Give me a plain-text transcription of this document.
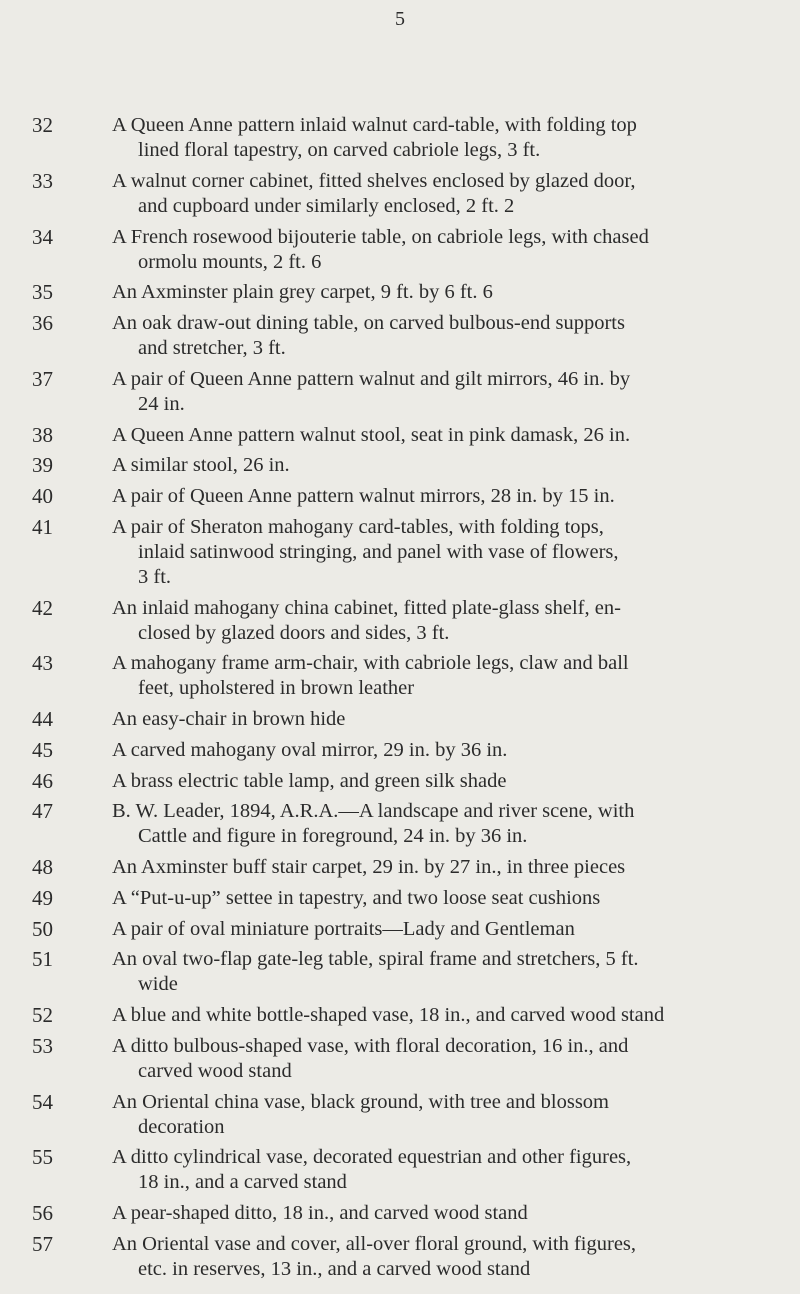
5
32	A Queen Anne pattern inlaid walnut card-table, with folding top
lined floral tapestry, on carved cabriole legs, 3 ft.
33	A walnut corner cabinet, fitted shelves enclosed by glazed door,
and cupboard under similarly enclosed, 2 ft. 2
34	A French rosewood bijouterie table, on cabriole legs, with chased
ormolu mounts, 2 ft. 6
35	An Axminster plain grey carpet, 9 ft. by 6 ft. 6
36	An oak draw-out dining table, on carved bulbous-end supports
and stretcher, 3 ft.
37	A pair of Queen Anne pattern walnut and gilt mirrors, 46 in. by
24 in.
38	A Queen Anne pattern walnut stool, seat in pink damask, 26 in.
39	A similar stool, 26 in.
40	A pair of Queen Anne pattern walnut mirrors, 28 in. by 15 in.
41	A pair of Sheraton mahogany card-tables, with folding tops,
inlaid satinwood stringing, and panel with vase of flowers,
3 ft.
42	An inlaid mahogany china cabinet, fitted plate-glass shelf, en-
closed by glazed doors and sides, 3 ft.
43	A mahogany frame arm-chair, with cabriole legs, claw and ball
feet, upholstered in brown leather
44	An easy-chair in brown hide
45	A carved mahogany oval mirror, 29 in. by 36 in.
46	A brass electric table lamp, and green silk shade
47	B. W. Leader, 1894, A.R.A.—A landscape and river scene, with
Cattle and figure in foreground, 24 in. by 36 in.
48	An Axminster buff stair carpet, 29 in. by 27 in., in three pieces
49	A “Put-u-up” settee in tapestry, and two loose seat cushions
50	A pair of oval miniature portraits—Lady and Gentleman
51	An oval two-flap gate-leg table, spiral frame and stretchers, 5 ft.
wide
52	A blue and white bottle-shaped vase, 18 in., and carved wood stand
53	A ditto bulbous-shaped vase, with floral decoration, 16 in., and
carved wood stand
54	An Oriental china vase, black ground, with tree and blossom
decoration
55	A ditto cylindrical vase, decorated equestrian and other figures,
18 in., and a carved stand
56	A pear-shaped ditto, 18 in., and carved wood stand
57	An Oriental vase and cover, all-over floral ground, with figures,
etc. in reserves, 13 in., and a carved wood stand
